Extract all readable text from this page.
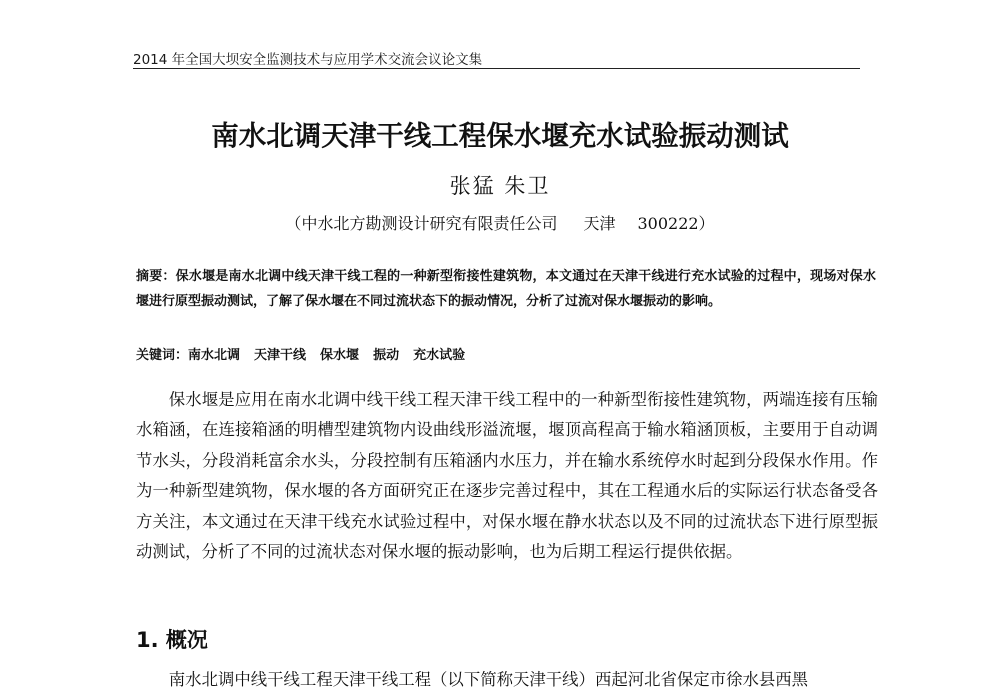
2014 年全国大坝安全监测技术与应用学术交流会议论文集
南水北调天津干线工程保水堰充水试验振动测试
张猛 朱卫
（中水北方勘测设计研究有限责任公司 天津 300222）
摘要：保水堰是南水北调中线天津干线工程的一种新型衔接性建筑物，本文通过在天津干线进行充水试验的过程中，现场对保水堰进行原型振动测试，了解了保水堰在不同过流状态下的振动情况，分析了过流对保水堰振动的影响。
关键词：南水北调 天津干线 保水堰 振动 充水试验
保水堰是应用在南水北调中线干线工程天津干线工程中的一种新型衔接性建筑物，两端连接有压输水箱涵，在连接箱涵的明槽型建筑物内设曲线形溢流堰，堰顶高程高于输水箱涵顶板，主要用于自动调节水头，分段消耗富余水头，分段控制有压箱涵内水压力，并在输水系统停水时起到分段保水作用。作为一种新型建筑物，保水堰的各方面研究正在逐步完善过程中，其在工程通水后的实际运行状态备受各方关注，本文通过在天津干线充水试验过程中，对保水堰在静水状态以及不同的过流状态下进行原型振动测试，分析了不同的过流状态对保水堰的振动影响，也为后期工程运行提供依据。
1. 概况
南水北调中线干线工程天津干线工程（以下简称天津干线）西起河北省保定市徐水县西黑
